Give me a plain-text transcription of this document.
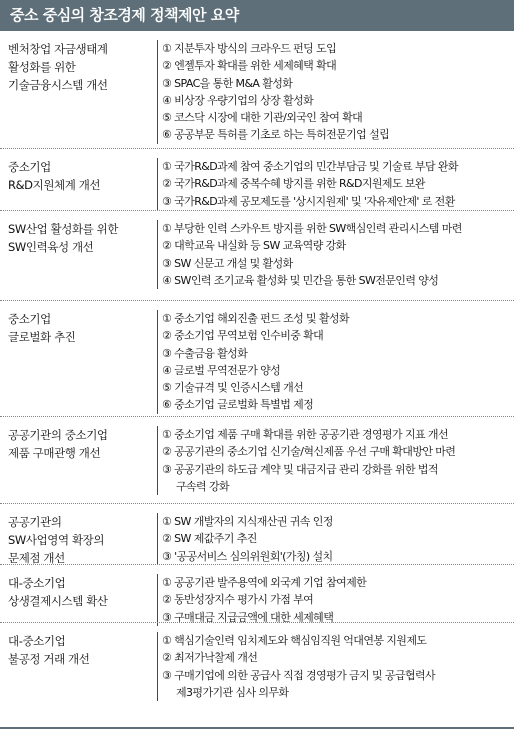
중소 중심의 창조경제 정책제안 요약
벤처창업 자금생태계
활성화를 위한
기술금융시스템 개선
① 지분투자 방식의 크라우드 펀딩 도입
② 엔젤투자 확대를 위한 세제혜택 확대
③ SPAC을 통한 M&A 활성화
④ 비상장 우량기업의 상장 활성화
⑤ 코스닥 시장에 대한 기관/외국인 참여 확대
⑥ 공공부문 특허를 기초로 하는 특허전문기업 설립
중소기업
R&D지원체계 개선
① 국가R&D과제 참여 중소기업의 민간부담금 및 기술료 부담 완화
② 국가R&D과제 중복수혜 방지를 위한 R&D지원제도 보완
③ 국가R&D과제 공모제도를 '상시지원제' 및 '자유제안제' 로 전환
SW산업 활성화를 위한
SW인력육성 개선
① 부당한 인력 스카우트 방지를 위한 SW핵심인력 관리시스템 마련
② 대학교육 내실화 등 SW 교육역량 강화
③ SW 신문고 개설 및 활성화
④ SW인력 조기교육 활성화 및 민간을 통한 SW전문인력 양성
중소기업
글로벌화 추진
① 중소기업 해외진출 펀드 조성 및 활성화
② 중소기업 무역보험 인수비중 확대
③ 수출금융 활성화
④ 글로벌 무역전문가 양성
⑤ 기술규격 및 인증시스템 개선
⑥ 중소기업 글로벌화 특별법 제정
공공기관의 중소기업
제품 구매관행 개선
① 중소기업 제품 구매 확대를 위한 공공기관 경영평가 지표 개선
② 공공기관의 중소기업 신기술/혁신제품 우선 구매 확대방안 마련
③ 공공기관의 하도급 계약 및 대금지급 관리 강화를 위한 법적
구속력 강화
공공기관의
SW사업영역 확장의
문제점 개선
① SW 개발자의 지식재산권 귀속 인정
② SW 제값주기 추진
③ '공공서비스 심의위원회'(가칭) 설치
대-중소기업
상생결제시스템 확산
① 공공기관 발주용역에 외국계 기업 참여제한
② 동반성장지수 평가시 가점 부여
③ 구매대금 지급금액에 대한 세제혜택
대-중소기업
불공정 거래 개선
① 핵심기술인력 임치제도와 핵심임직원 억대연봉 지원제도
② 최저가낙찰제 개선
③ 구매기업에 의한 공급사 직접 경영평가 금지 및 공급협력사
제3평가기관 심사 의무화
